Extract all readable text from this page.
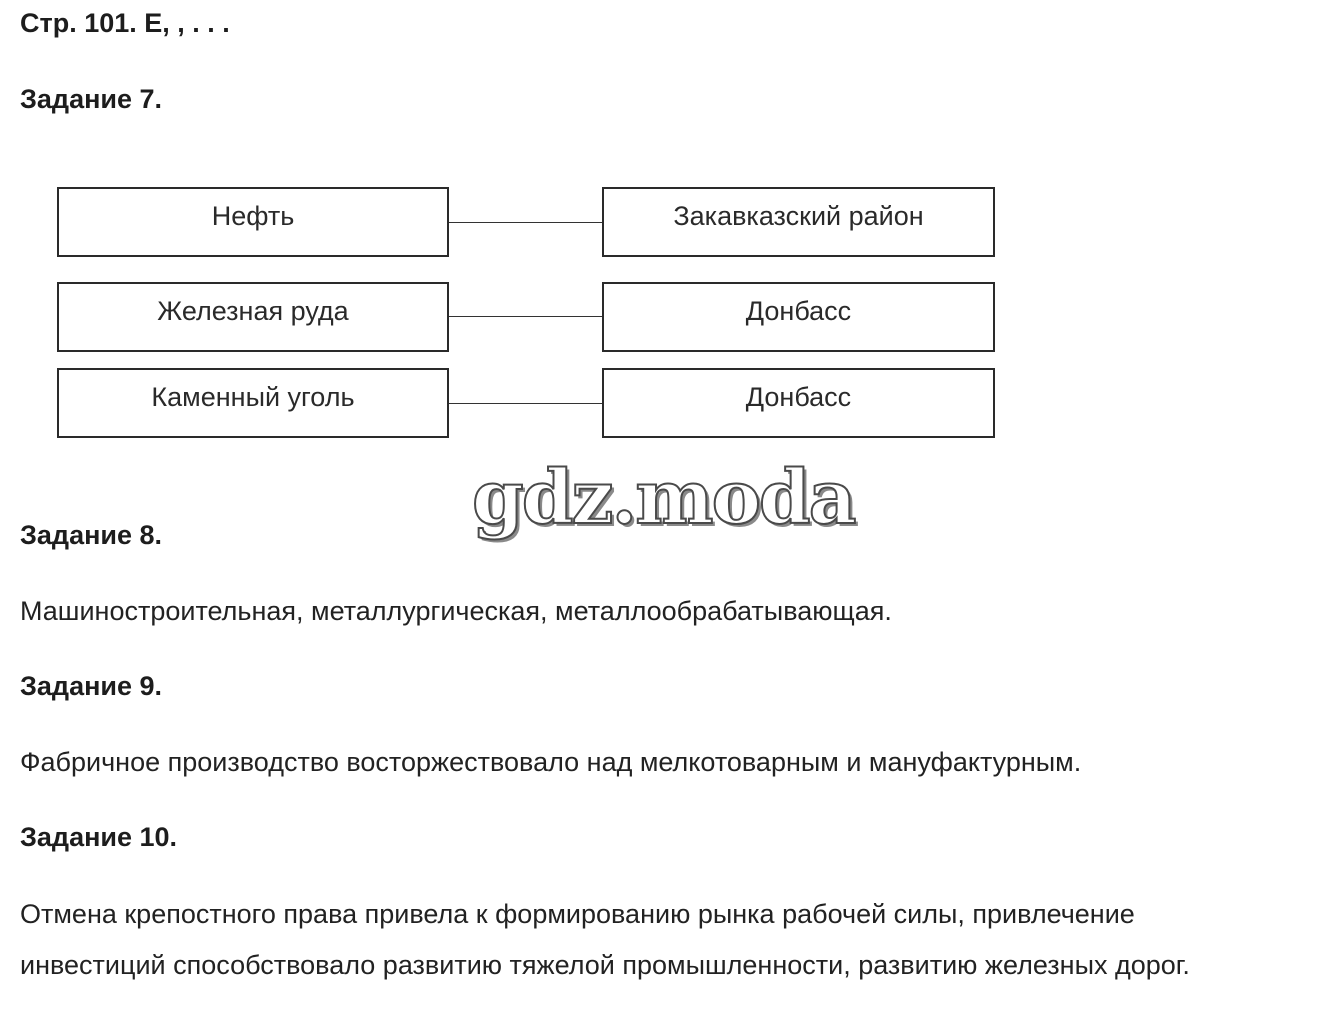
Стр. 101. Е, , . . .
Задание 7.
Нефть	Закавказский район
Железная руда	Донбасс
Каменный уголь	Донбасс
gdz.moda
Задание 8.
Машиностроительная, металлургическая, металлообрабатывающая.
Задание 9.
Фабричное производство восторжествовало над мелкотоварным и мануфактурным.
Задание 10.
Отмена крепостного права привела к формированию рынка рабочей силы, привлечение
инвестиций способствовало развитию тяжелой промышленности, развитию железных дорог.
